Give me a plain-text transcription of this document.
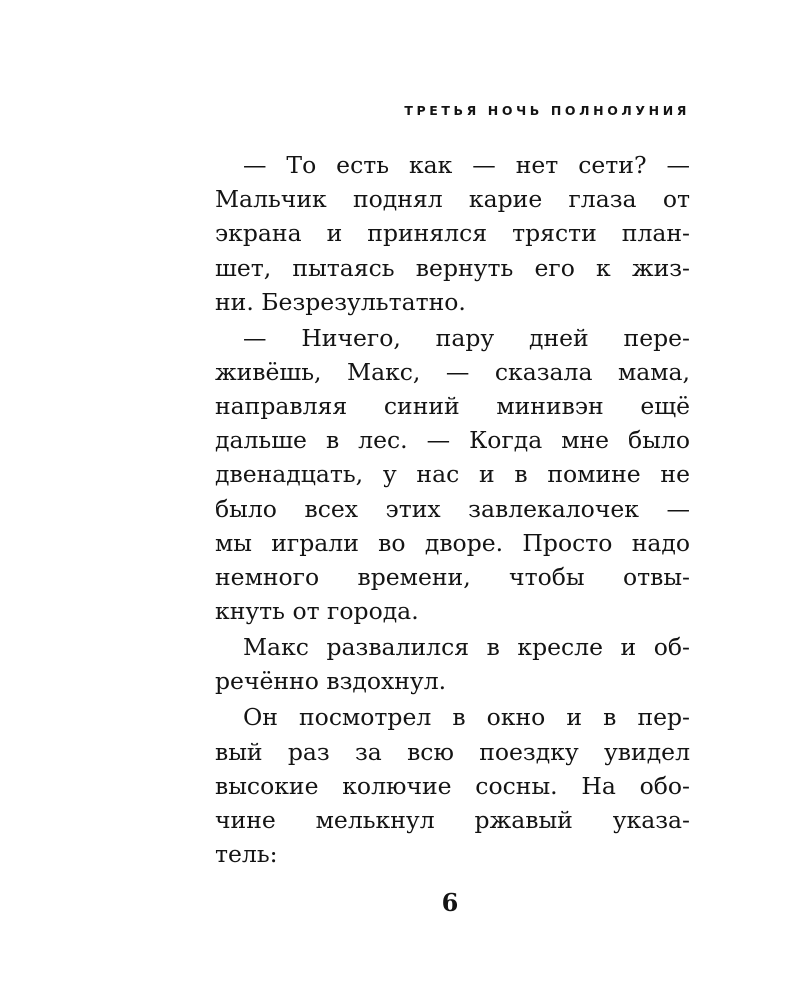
ТРЕТЬЯ НОЧЬ ПОЛНОЛУНИЯ
— То есть как — нет сети? —
Мальчик поднял карие глаза от
экрана и принялся трясти план-
шет, пытаясь вернуть его к жиз-
ни. Безрезультатно.
— Ничего, пару дней пере-
живёшь, Макс, — сказала мама,
направляя синий минивэн ещё
дальше в лес. — Когда мне было
двенадцать, у нас и в помине не
было всех этих завлекалочек —
мы играли во дворе. Просто надо
немного времени, чтобы отвы-
кнуть от города.
Макс развалился в кресле и об-
речённо вздохнул.
Он посмотрел в окно и в пер-
вый раз за всю поездку увидел
высокие колючие сосны. На обо-
чине мелькнул ржавый указа-
тель:
6
